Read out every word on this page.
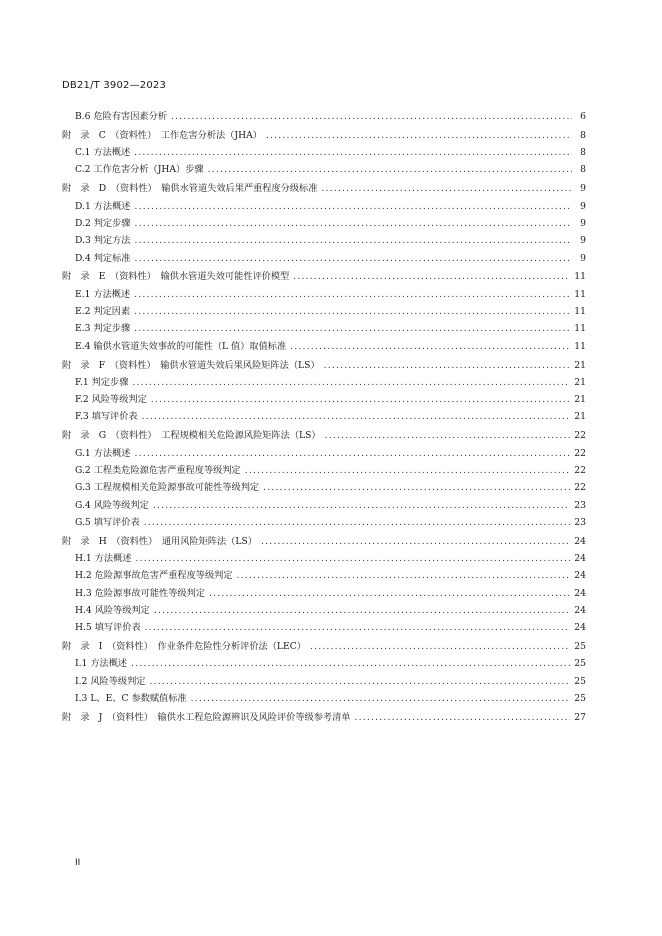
DB21/T 3902—2023
B.6 危险有害因素分析 .....	6
附　录　C　（资料性）　工作危害分析法（JHA） .....	8
C.1 方法概述 .....	8
C.2 工作危害分析（JHA）步骤 .....	8
附　录　D　（资料性）　输供水管道失效后果严重程度分级标准 .....	9
D.1 方法概述 .....	9
D.2 判定步骤 .....	9
D.3 判定方法 .....	9
D.4 判定标准 .....	9
附　录　E　（资料性）　输供水管道失效可能性评价模型 .....	11
E.1 方法概述 .....	11
E.2 判定因素 .....	11
E.3 判定步骤 .....	11
E.4 输供水管道失效事故的可能性（L 值）取值标准 .....	11
附　录　F　（资料性）　输供水管道失效后果风险矩阵法（LS） .....	21
F.1 判定步骤 .....	21
F.2 风险等级判定 .....	21
F.3 填写评价表 .....	21
附　录　G　（资料性）　工程规模相关危险源风险矩阵法（LS） .....	22
G.1 方法概述 .....	22
G.2 工程类危险源危害严重程度等级判定 .....	22
G.3 工程规模相关危险源事故可能性等级判定 .....	22
G.4 风险等级判定 .....	23
G.5 填写评价表 .....	23
附　录　H　（资料性）　通用风险矩阵法（LS） .....	24
H.1 方法概述 .....	24
H.2 危险源事故危害严重程度等级判定 .....	24
H.3 危险源事故可能性等级判定 .....	24
H.4 风险等级判定 .....	24
H.5 填写评价表 .....	24
附　录　I　（资料性）　作业条件危险性分析评价法（LEC） .....	25
I.1 方法概述 .....	25
I.2 风险等级判定 .....	25
I.3 L、E、C 参数赋值标准 .....	25
附　录　J　（资料性）　输供水工程危险源辨识及风险评价等级参考清单 .....	27
II
